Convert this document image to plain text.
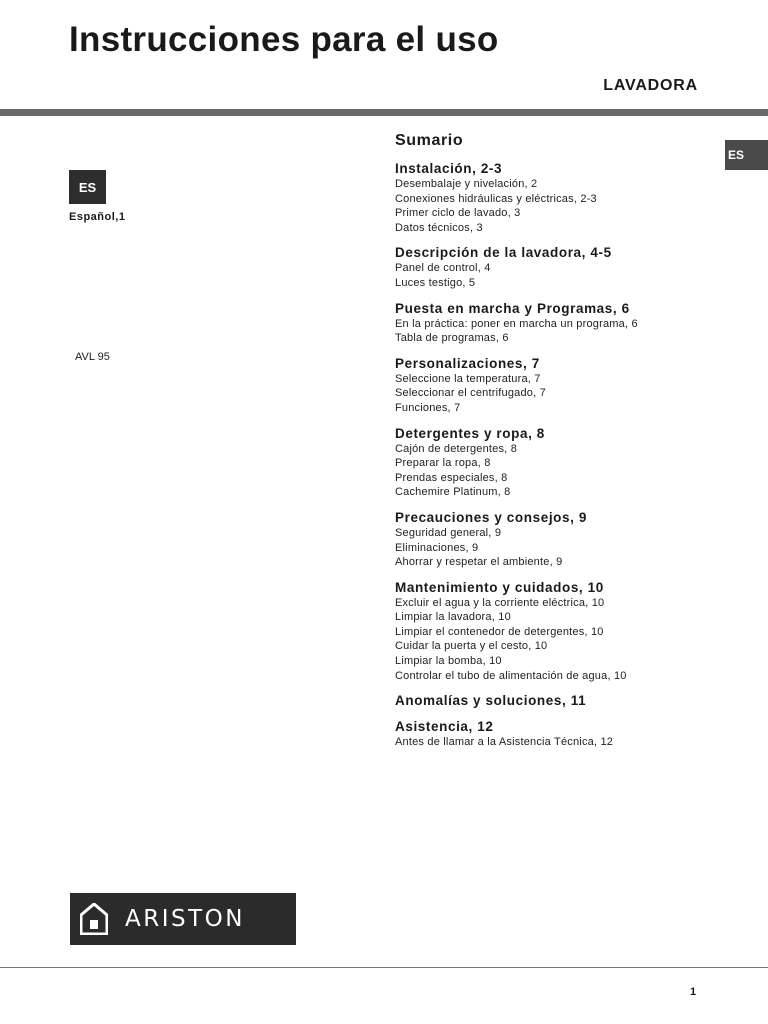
Instrucciones para el uso
LAVADORA
ES
Español,1
AVL 95
ES
Sumario
Instalación, 2-3
Desembalaje y nivelación, 2
Conexiones hidráulicas y eléctricas, 2-3
Primer ciclo de lavado, 3
Datos técnicos, 3
Descripción de la lavadora, 4-5
Panel de control, 4
Luces testigo, 5
Puesta en marcha y Programas, 6
En la práctica: poner en marcha un programa, 6
Tabla de programas, 6
Personalizaciones, 7
Seleccione la temperatura, 7
Seleccionar el centrifugado, 7
Funciones, 7
Detergentes y ropa, 8
Cajón de detergentes, 8
Preparar la ropa, 8
Prendas especiales, 8
Cachemire Platinum, 8
Precauciones y consejos, 9
Seguridad general, 9
Eliminaciones, 9
Ahorrar y respetar el ambiente, 9
Mantenimiento y cuidados, 10
Excluir el agua y la corriente eléctrica, 10
Limpiar la lavadora, 10
Limpiar el contenedor de detergentes, 10
Cuidar la puerta y el cesto, 10
Limpiar la bomba, 10
Controlar el tubo de alimentación de agua, 10
Anomalías y soluciones, 11
Asistencia, 12
Antes de llamar a la Asistencia Técnica, 12
ARISTON
1
